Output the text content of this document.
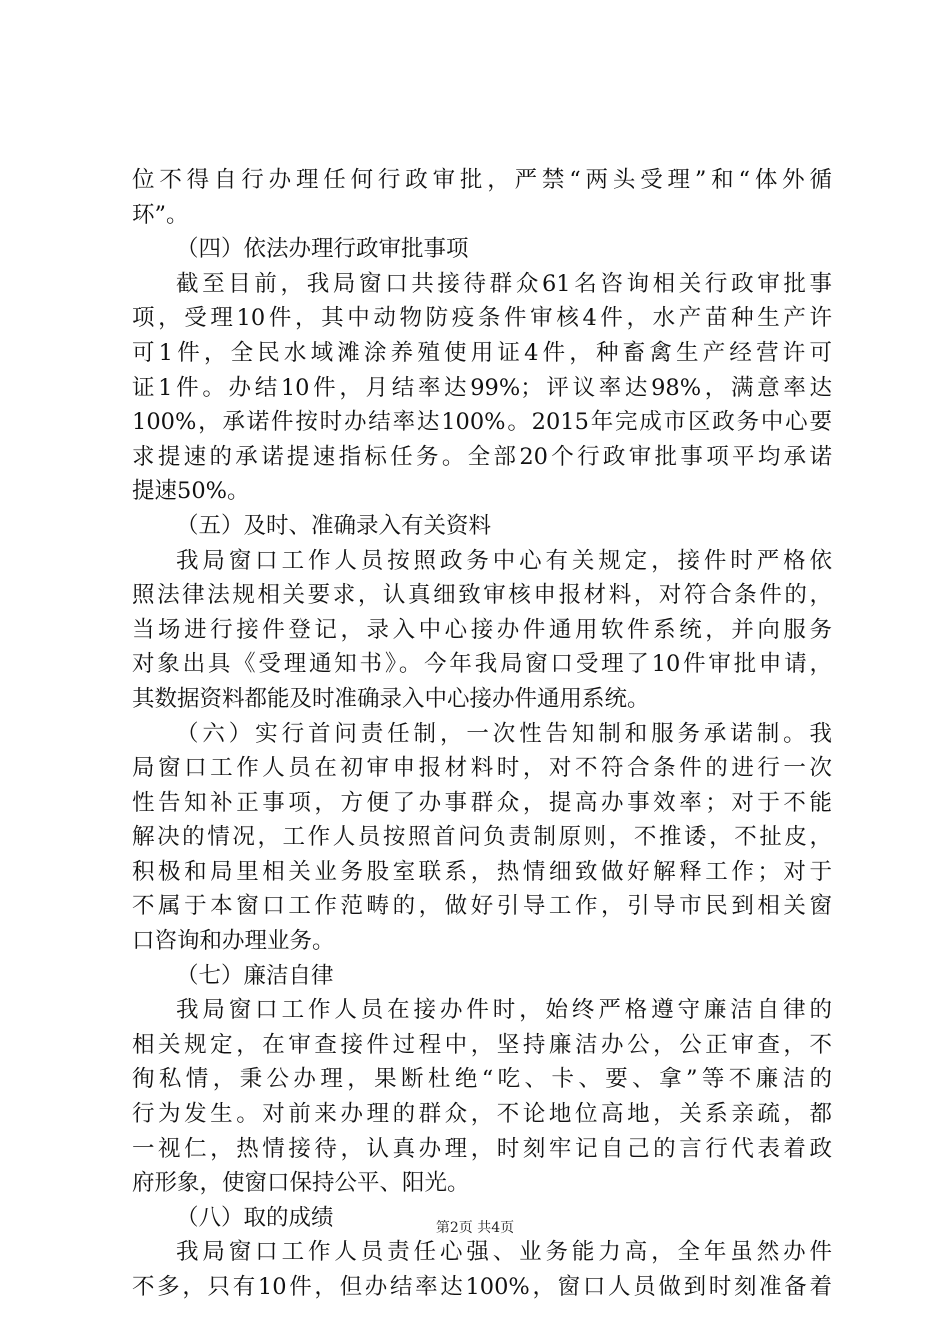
位不得自行办理任何行政审批，严禁“两头受理”和“体外循
环”。
（四）依法办理行政审批事项
截至目前，我局窗口共接待群众61名咨询相关行政审批事
项，受理10件，其中动物防疫条件审核4件，水产苗种生产许
可1件，全民水域滩涂养殖使用证4件，种畜禽生产经营许可
证1件。办结10件，月结率达99%；评议率达98%，满意率达
100%，承诺件按时办结率达100%。2015年完成市区政务中心要
求提速的承诺提速指标任务。全部20个行政审批事项平均承诺
提速50%。
（五）及时、准确录入有关资料
我局窗口工作人员按照政务中心有关规定，接件时严格依
照法律法规相关要求，认真细致审核申报材料，对符合条件的，
当场进行接件登记，录入中心接办件通用软件系统，并向服务
对象出具《受理通知书》。今年我局窗口受理了10件审批申请，
其数据资料都能及时准确录入中心接办件通用系统。
（六）实行首问责任制，一次性告知制和服务承诺制。我
局窗口工作人员在初审申报材料时，对不符合条件的进行一次
性告知补正事项，方便了办事群众，提高办事效率；对于不能
解决的情况，工作人员按照首问负责制原则，不推诿，不扯皮，
积极和局里相关业务股室联系，热情细致做好解释工作；对于
不属于本窗口工作范畴的，做好引导工作，引导市民到相关窗
口咨询和办理业务。
（七）廉洁自律
我局窗口工作人员在接办件时，始终严格遵守廉洁自律的
相关规定，在审查接件过程中，坚持廉洁办公，公正审查，不
徇私情，秉公办理，果断杜绝“吃、卡、要、拿”等不廉洁的
行为发生。对前来办理的群众，不论地位高地，关系亲疏，都
一视仁，热情接待，认真办理，时刻牢记自己的言行代表着政
府形象，使窗口保持公平、阳光。
（八）取的成绩
我局窗口工作人员责任心强、业务能力高，全年虽然办件
不多，只有10件，但办结率达100%，窗口人员做到时刻准备着
第2页 共4页
